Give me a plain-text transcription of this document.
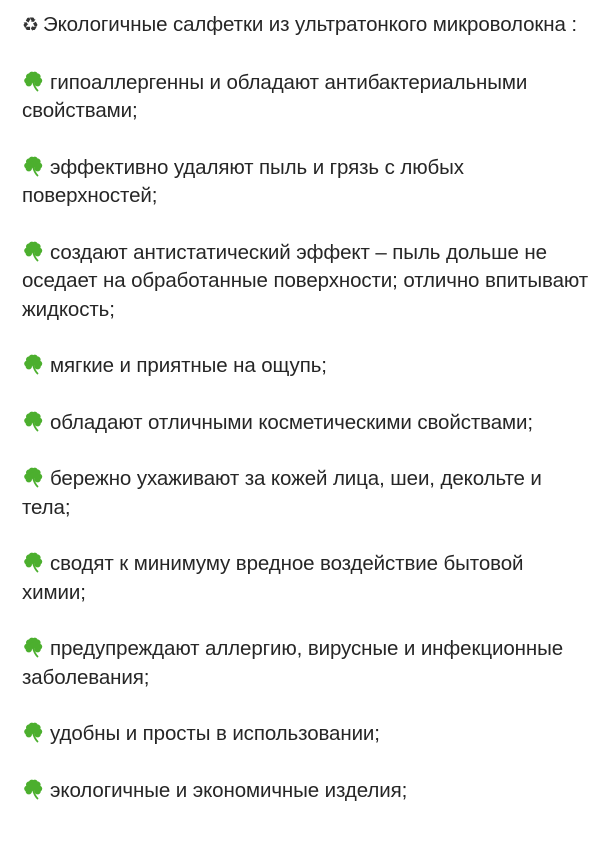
♻ Экологичные салфетки из ультратонкого микроволокна :

гипоаллергенны и обладают антибактериальными свойствами;

эффективно удаляют пыль и грязь с любых поверхностей;

создают антистатический эффект – пыль дольше не оседает на обработанные поверхности; отлично впитывают жидкость;

мягкие и приятные на ощупь;

обладают отличными косметическими свойствами;

бережно ухаживают за кожей лица, шеи, декольте и тела;

сводят к минимуму вредное воздействие бытовой химии;

предупреждают аллергию, вирусные и инфекционные заболевания;

удобны и просты в использовании;

экологичные и экономичные изделия;
